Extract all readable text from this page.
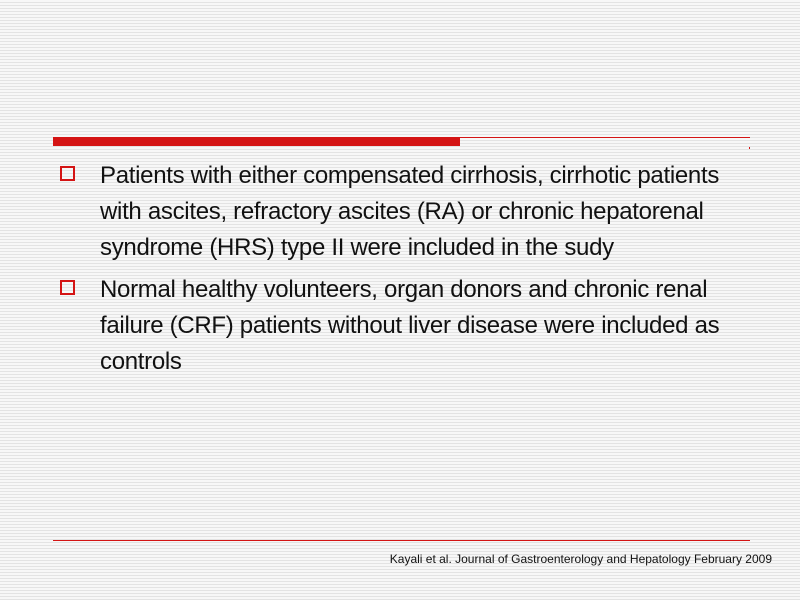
Patients with either compensated cirrhosis, cirrhotic patients with ascites, refractory ascites (RA) or chronic hepatorenal syndrome (HRS) type II were included in the sudy
Normal healthy volunteers, organ donors and chronic renal failure (CRF) patients without liver disease were included as controls
Kayali et al. Journal of Gastroenterology and Hepatology February 2009
